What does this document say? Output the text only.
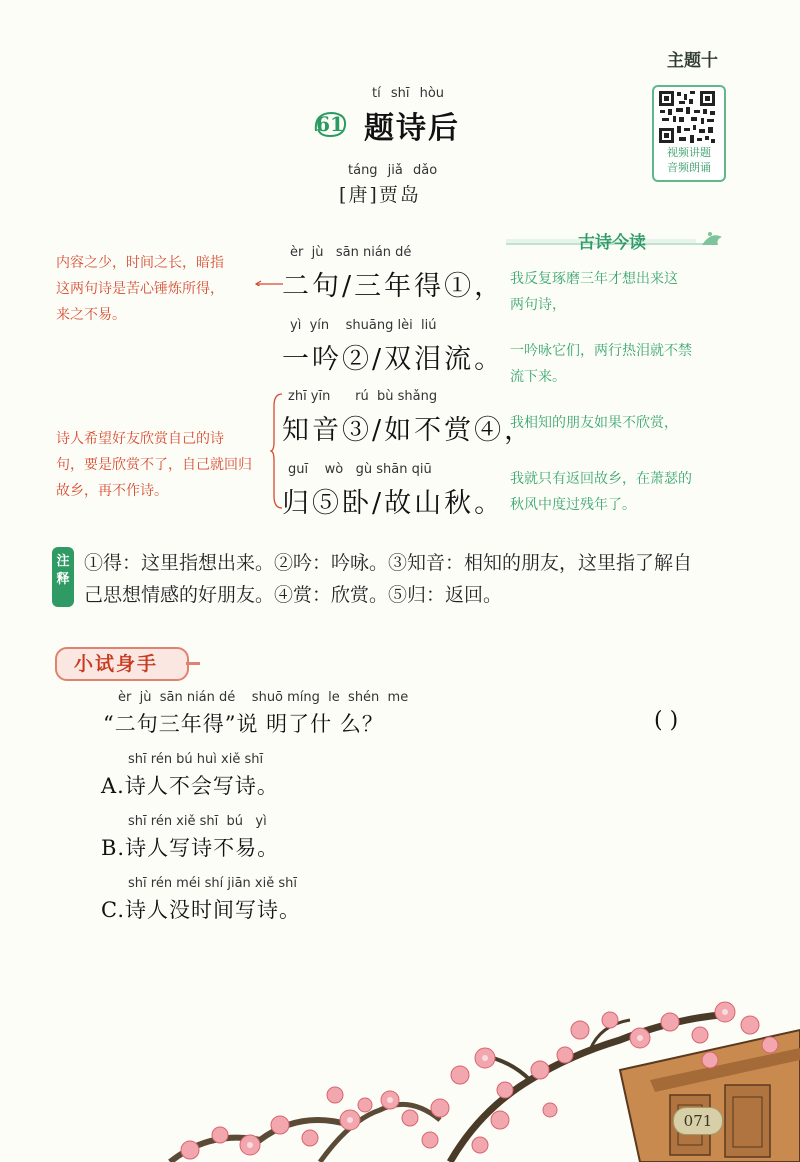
主题十
视频讲题
音频朗诵
tí shī hòu
61 题诗后
táng jiǎ dǎo
[唐]贾岛
内容之少，时间之长，暗指
这两句诗是苦心锤炼所得，
来之不易。
诗人希望好友欣赏自己的诗
句，要是欣赏不了，自己就回归
故乡，再不作诗。
èr  jù   sān nián dé
二句/三年得①，
yì  yín    shuāng lèi  liú
一吟②/双泪流。
zhī yīn      rú  bù shǎng
知音③/如不赏④，
guī    wò   gù shān qiū
归⑤卧/故山秋。
古诗今读
我反复琢磨三年才想出来这
两句诗，
一吟咏它们，两行热泪就不禁
流下来。
我相知的朋友如果不欣赏，
我就只有返回故乡，在萧瑟的
秋风中度过残年了。
注
释
①得：这里指想出来。②吟：吟咏。③知音：相知的朋友，这里指了解自
己思想情感的好朋友。④赏：欣赏。⑤归：返回。
小试身手
èr  jù  sān nián dé    shuō míng  le  shén  me
“二句三年得”说 明了什 么？	( )
shī rén bú huì xiě shī
A.诗人不会写诗。
shī rén xiě shī  bú   yì
B.诗人写诗不易。
shī rén méi shí jiān xiě shī
C.诗人没时间写诗。
071
